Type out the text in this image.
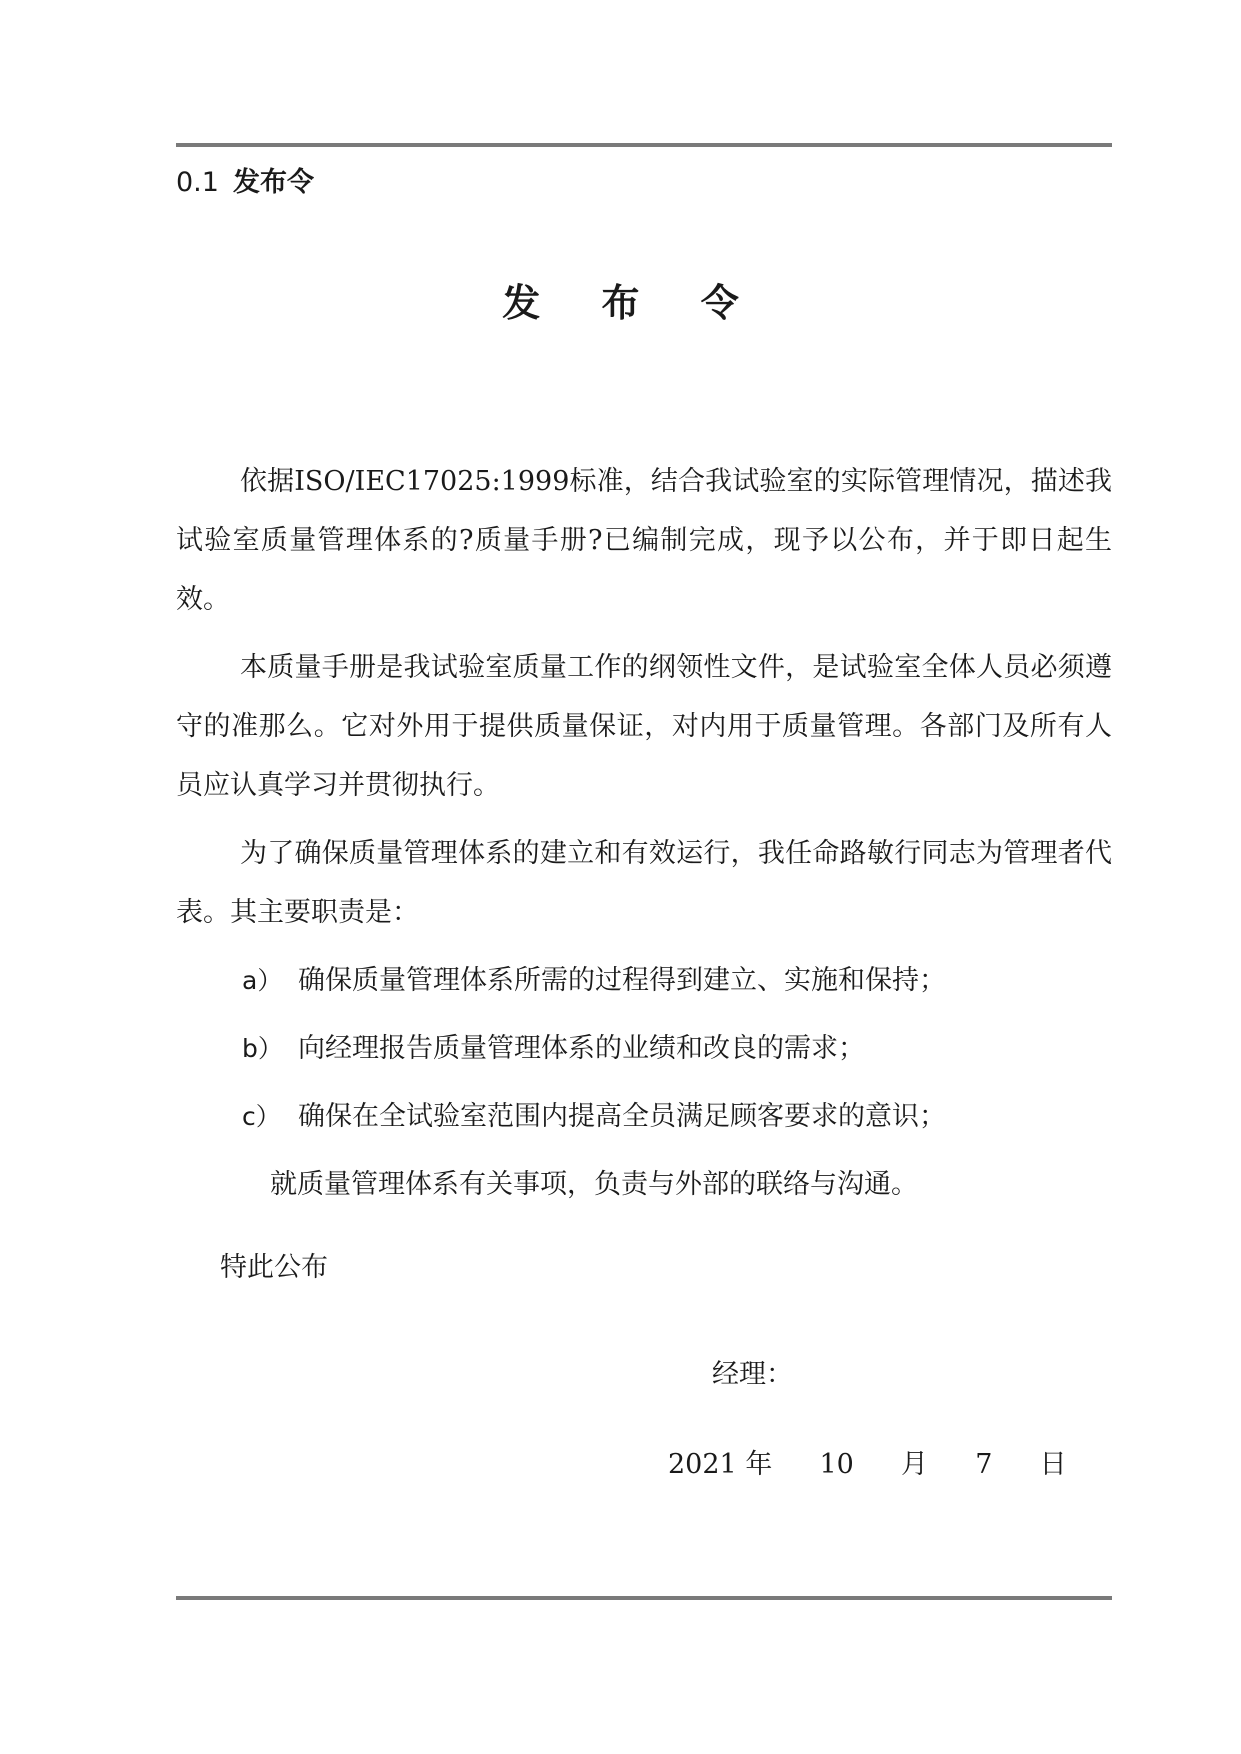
0.1 发布令
发 布 令

依据ISO/IEC17025:1999标准，结合我试验室的实际管理情况，描述我试验室质量管理体系的?质量手册?已编制完成，现予以公布，并于即日起生效。

本质量手册是我试验室质量工作的纲领性文件，是试验室全体人员必须遵守的准那么。它对外用于提供质量保证，对内用于质量管理。各部门及所有人员应认真学习并贯彻执行。

为了确保质量管理体系的建立和有效运行，我任命路敏行同志为管理者代表。其主要职责是：

a） 确保质量管理体系所需的过程得到建立、实施和保持；
b） 向经理报告质量管理体系的业绩和改良的需求；
c） 确保在全试验室范围内提高全员满足顾客要求的意识；

就质量管理体系有关事项，负责与外部的联络与沟通。

特此公布
经理：
2021 年 10 月 7 日
